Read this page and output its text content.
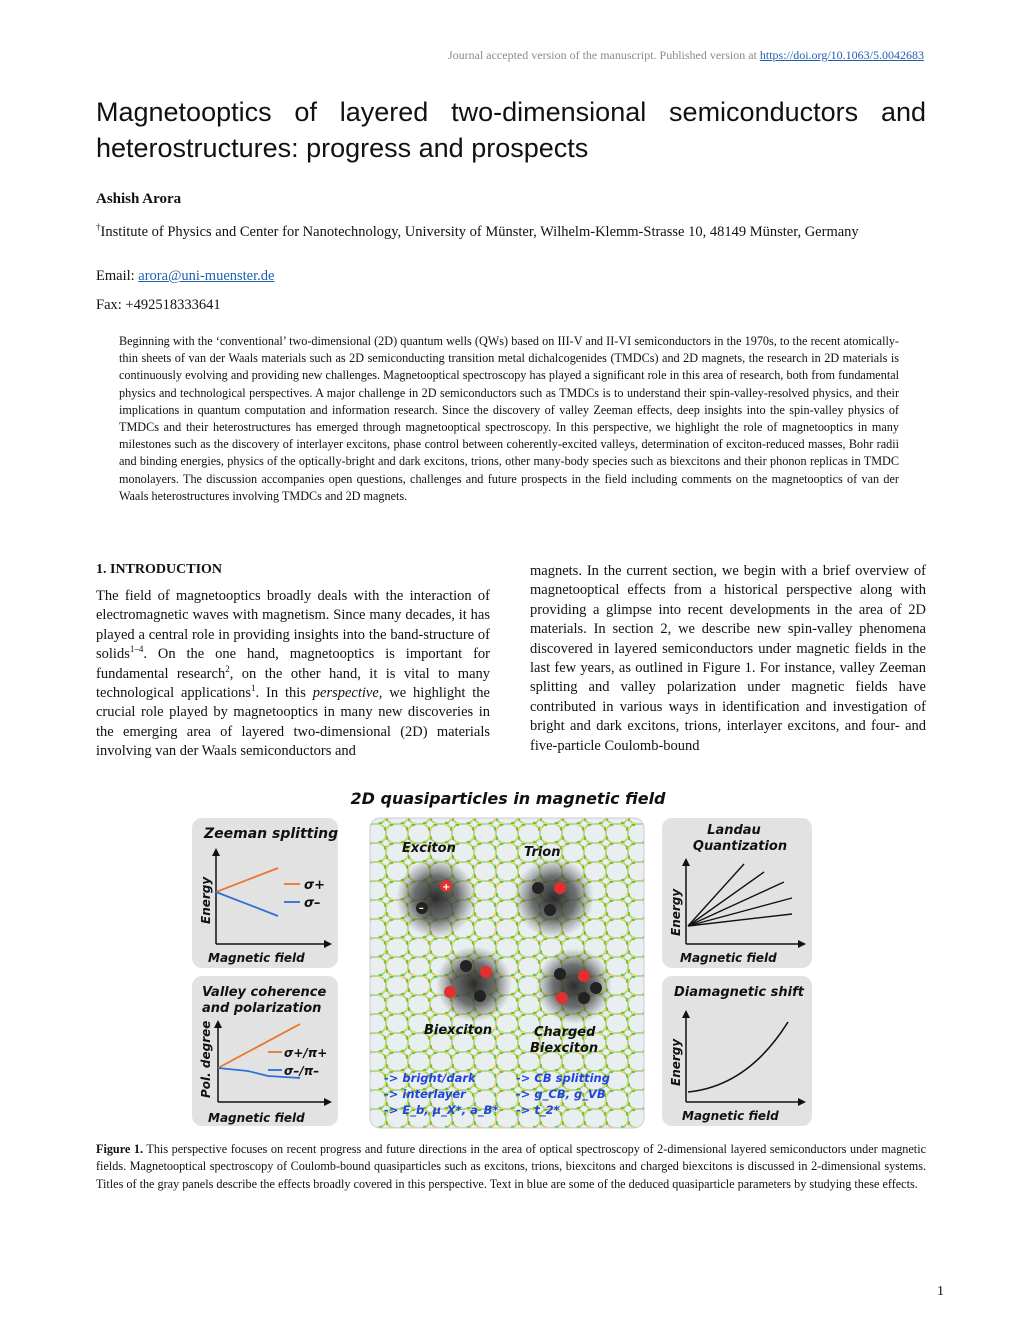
Journal accepted version of the manuscript. Published version at https://doi.org/10.1063/5.0042683
Magnetooptics of layered two-dimensional semiconductors and heterostructures: progress and prospects
Ashish Arora
†Institute of Physics and Center for Nanotechnology, University of Münster, Wilhelm-Klemm-Strasse 10, 48149 Münster, Germany
Email: arora@uni-muenster.de
Fax: +492518333641
Beginning with the ‘conventional’ two-dimensional (2D) quantum wells (QWs) based on III-V and II-VI semiconductors in the 1970s, to the recent atomically-thin sheets of van der Waals materials such as 2D semiconducting transition metal dichalcogenides (TMDCs) and 2D magnets, the research in 2D materials is continuously evolving and providing new challenges. Magnetooptical spectroscopy has played a significant role in this area of research, both from fundamental physics and technological perspectives. A major challenge in 2D semiconductors such as TMDCs is to understand their spin-valley-resolved physics, and their implications in quantum computation and information research. Since the discovery of valley Zeeman effects, deep insights into the spin-valley physics of TMDCs and their heterostructures has emerged through magnetooptical spectroscopy. In this perspective, we highlight the role of magnetooptics in many milestones such as the discovery of interlayer excitons, phase control between coherently-excited valleys, determination of exciton-reduced masses, Bohr radii and binding energies, physics of the optically-bright and dark excitons, trions, other many-body species such as biexcitons and their phonon replicas in TMDC monolayers. The discussion accompanies open questions, challenges and future prospects in the field including comments on the magnetooptics of van der Waals heterostructures involving TMDCs and 2D magnets.
1. INTRODUCTION

The field of magnetooptics broadly deals with the interaction of electromagnetic waves with magnetism. Since many decades, it has played a central role in providing insights into the band-structure of solids$^{1-4}$. On the one hand, magnetooptics is important for fundamental research$^2$, on the other hand, it is vital to many technological applications$^1$. In this perspective, we highlight the crucial role played by magnetooptics in many new discoveries in the emerging area of layered two-dimensional (2D) materials involving van der Waals semiconductors and

magnets. In the current section, we begin with a brief overview of magnetooptical effects from a historical perspective along with providing a glimpse into recent developments in the area of 2D materials. In section 2, we describe new spin-valley phenomena discovered in layered semiconductors under magnetic fields in the last few years, as outlined in Figure 1. For instance, valley Zeeman splitting and valley polarization under magnetic fields have contributed in various ways in identification and investigation of bright and dark excitons, trions, interlayer excitons, and four- and five-particle Coulomb-bound

2D quasiparticles in magnetic field
Zeeman splitting
σ+
σ–
Energy
Magnetic field
Valley coherence
and polarization
σ+/π+
σ–/π–
Pol. degree
Magnetic field
+
–
Exciton	Trion
Biexciton	Charged
Biexciton
-> bright/dark
-> interlayer
-> E_b, μ_X*, a_B*
-> CB splitting
-> g_CB, g_VB
-> t_2*
Landau
Quantization
Energy
Magnetic field
Diamagnetic shift
Energy
Magnetic field
Figure 1. This perspective focuses on recent progress and future directions in the area of optical spectroscopy of 2-dimensional layered semiconductors under magnetic fields. Magnetooptical spectroscopy of Coulomb-bound quasiparticles such as excitons, trions, biexcitons and charged biexcitons is discussed in 2-dimensional systems. Titles of the gray panels describe the effects broadly covered in this perspective. Text in blue are some of the deduced quasiparticle parameters by studying these effects.
1
